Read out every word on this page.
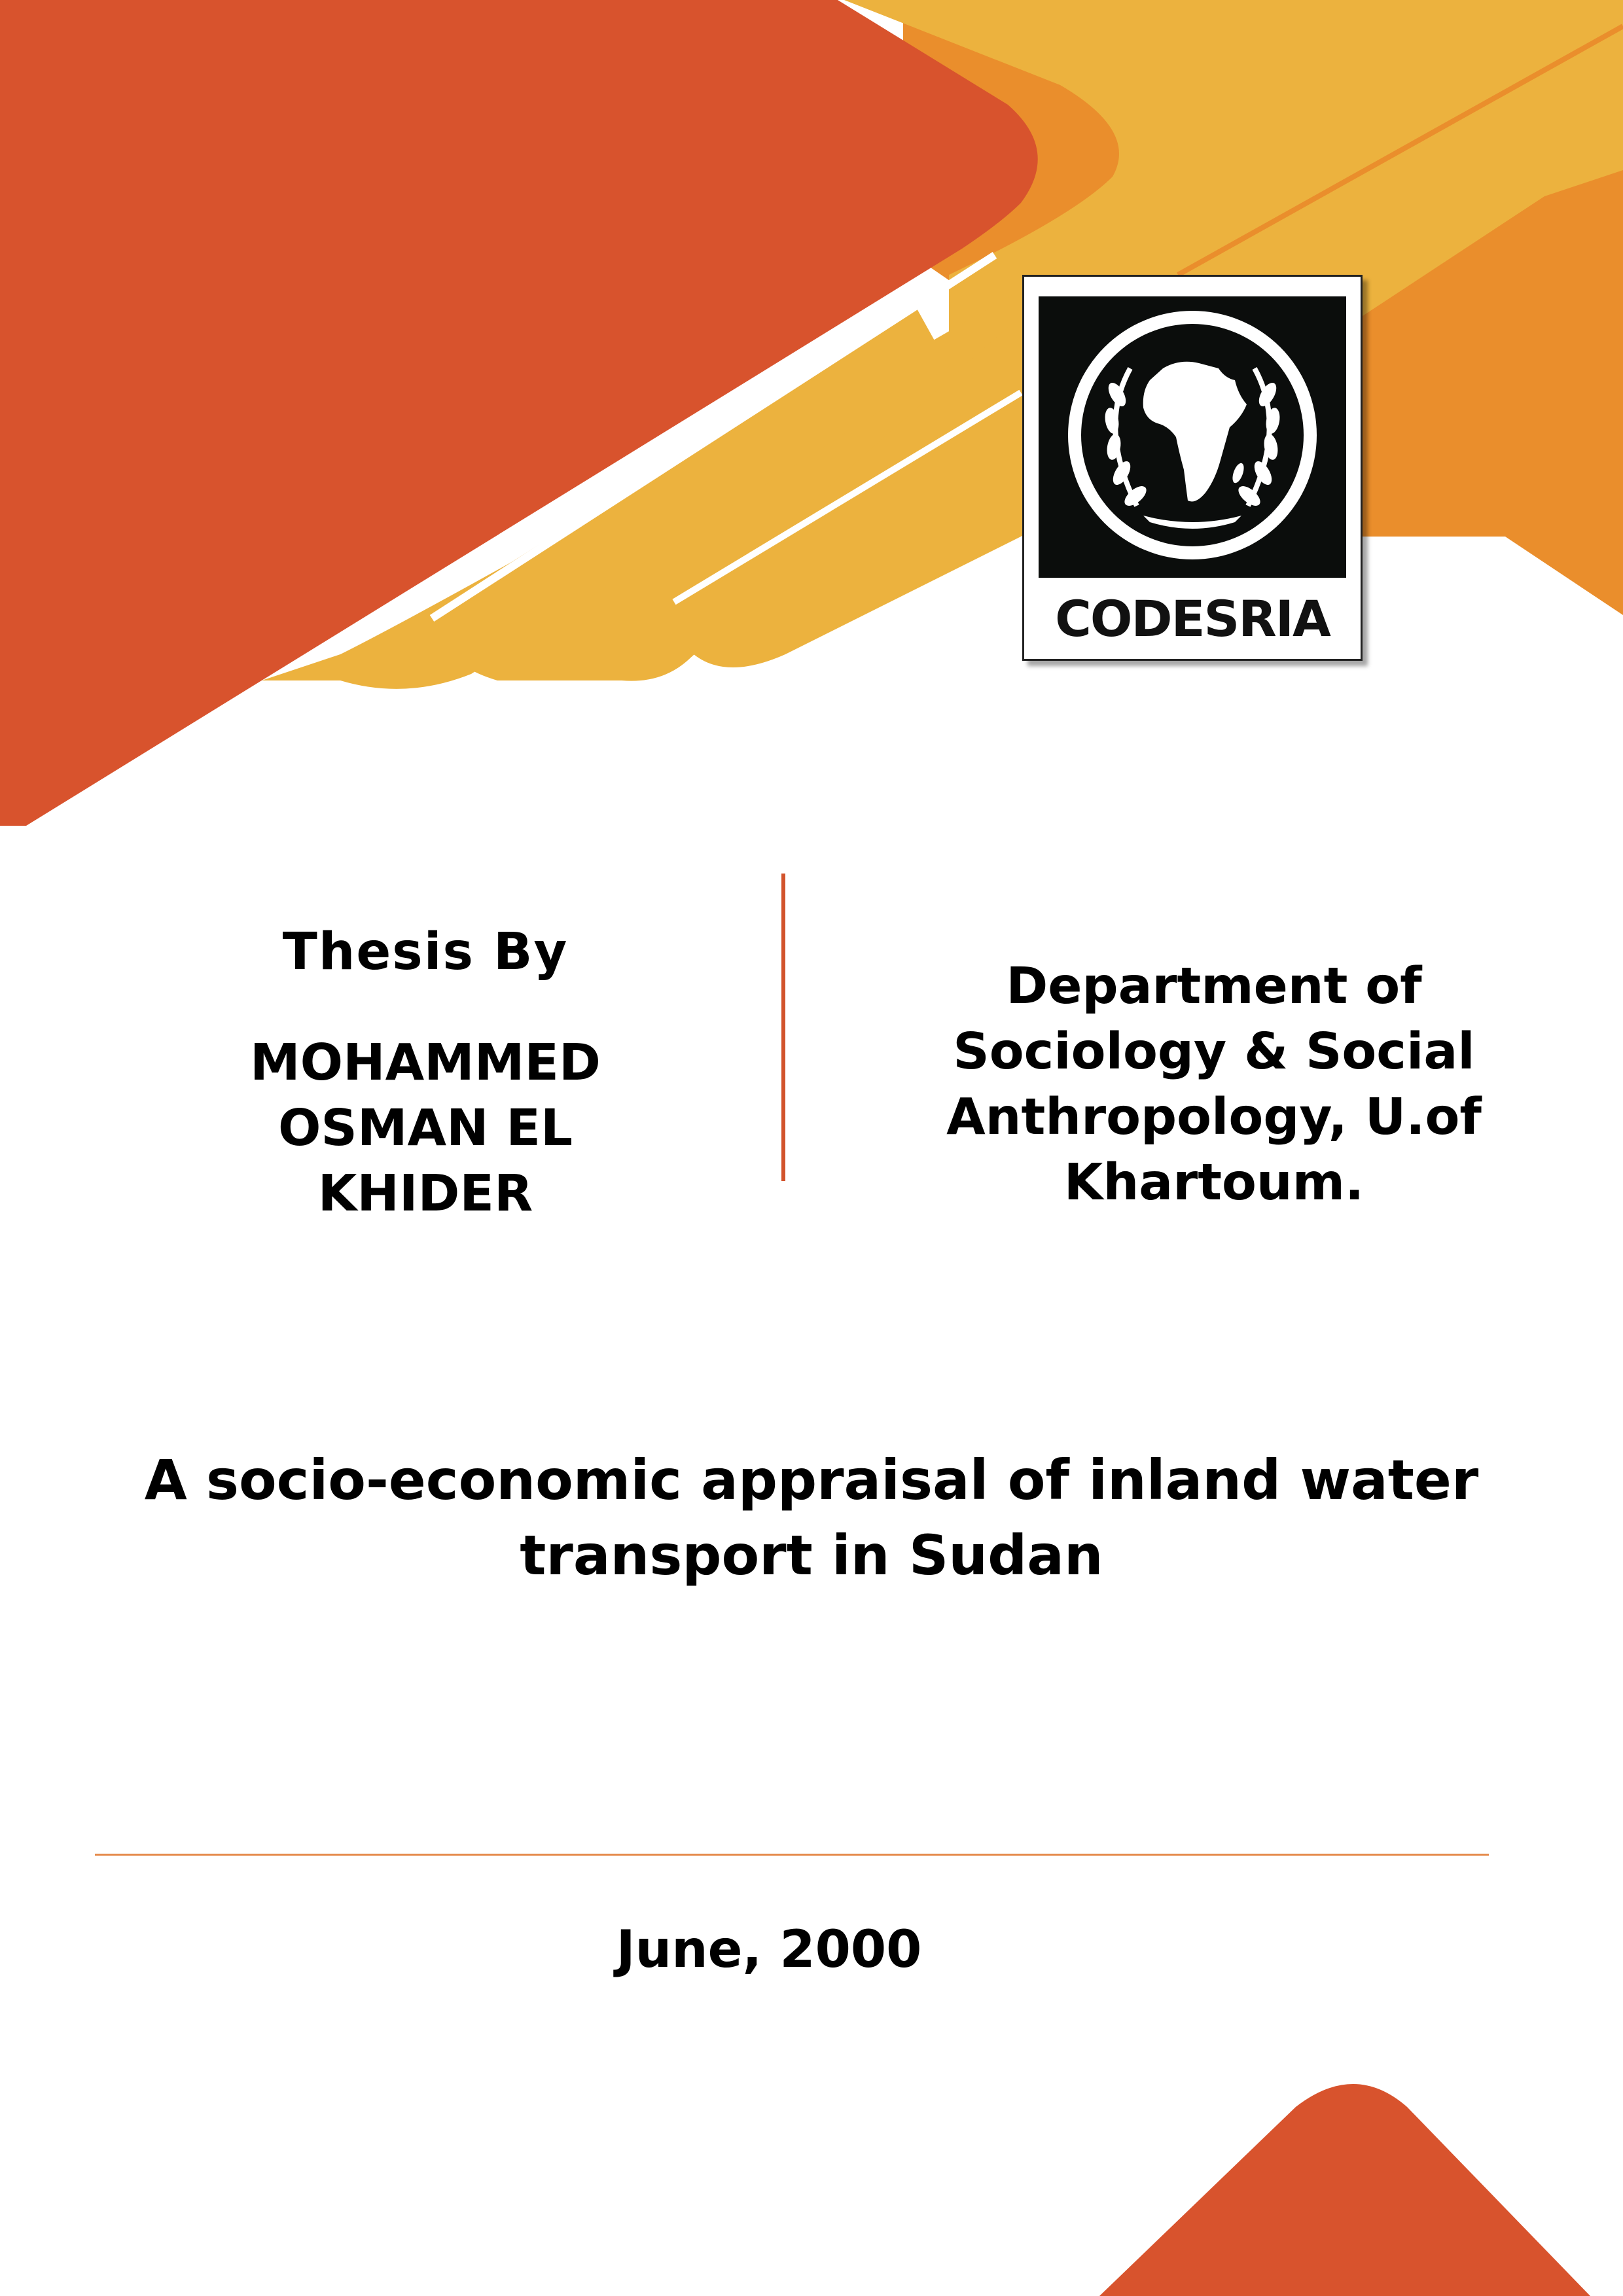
CODESRIA
Thesis By
MOHAMMED
OSMAN EL
KHIDER
Department of
Sociology & Social
Anthropology, U.of
Khartoum.
A socio-economic appraisal of inland water
transport in Sudan
June, 2000
